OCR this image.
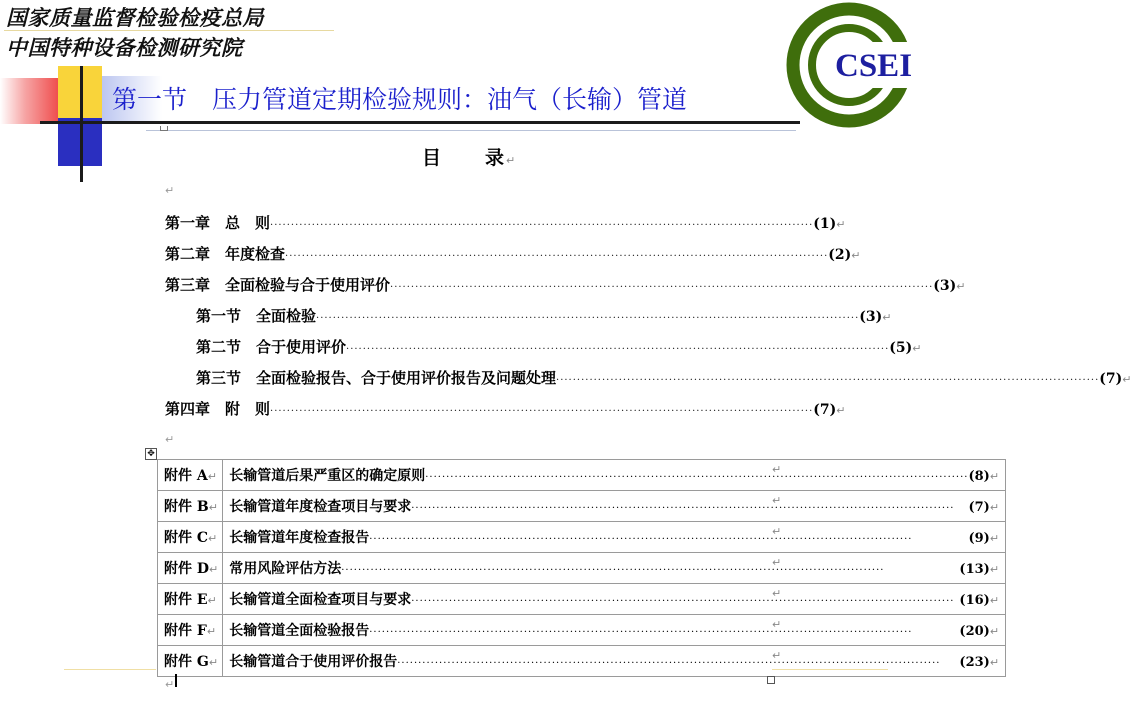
国家质量监督检验检疫总局
中国特种设备检测研究院
第一节　压力管道定期检验规则：油气（长输）管道
CSEI
目　　录↵
↵
第一章　总　则 ·····	(1) ↵
第二章　年度检查 ·····	(2) ↵
第三章　全面检验与合于使用评价 ·····	(3) ↵
第一节　全面检验 ·····	(3) ↵
第二节　合于使用评价 ·····	(5) ↵
第三节　全面检验报告、合于使用评价报告及问题处理 ·····	(7) ↵
第四章　附　则 ·····	(7) ↵
↵
✥
附件 A↵	长输管道后果严重区的确定原则 ····· (8) ↵

附件 B↵	长输管道年度检查项目与要求 ····· (7) ↵

附件 C↵	长输管道年度检查报告 ····· (9) ↵

附件 D↵	常用风险评估方法 ····· (13) ↵

附件 E↵	长输管道全面检查项目与要求 ····· (16) ↵

附件 F↵	长输管道全面检验报告 ····· (20) ↵

附件 G↵	长输管道合于使用评价报告 ····· (23) ↵
↵
↵
↵
↵
↵
↵
↵
↵
